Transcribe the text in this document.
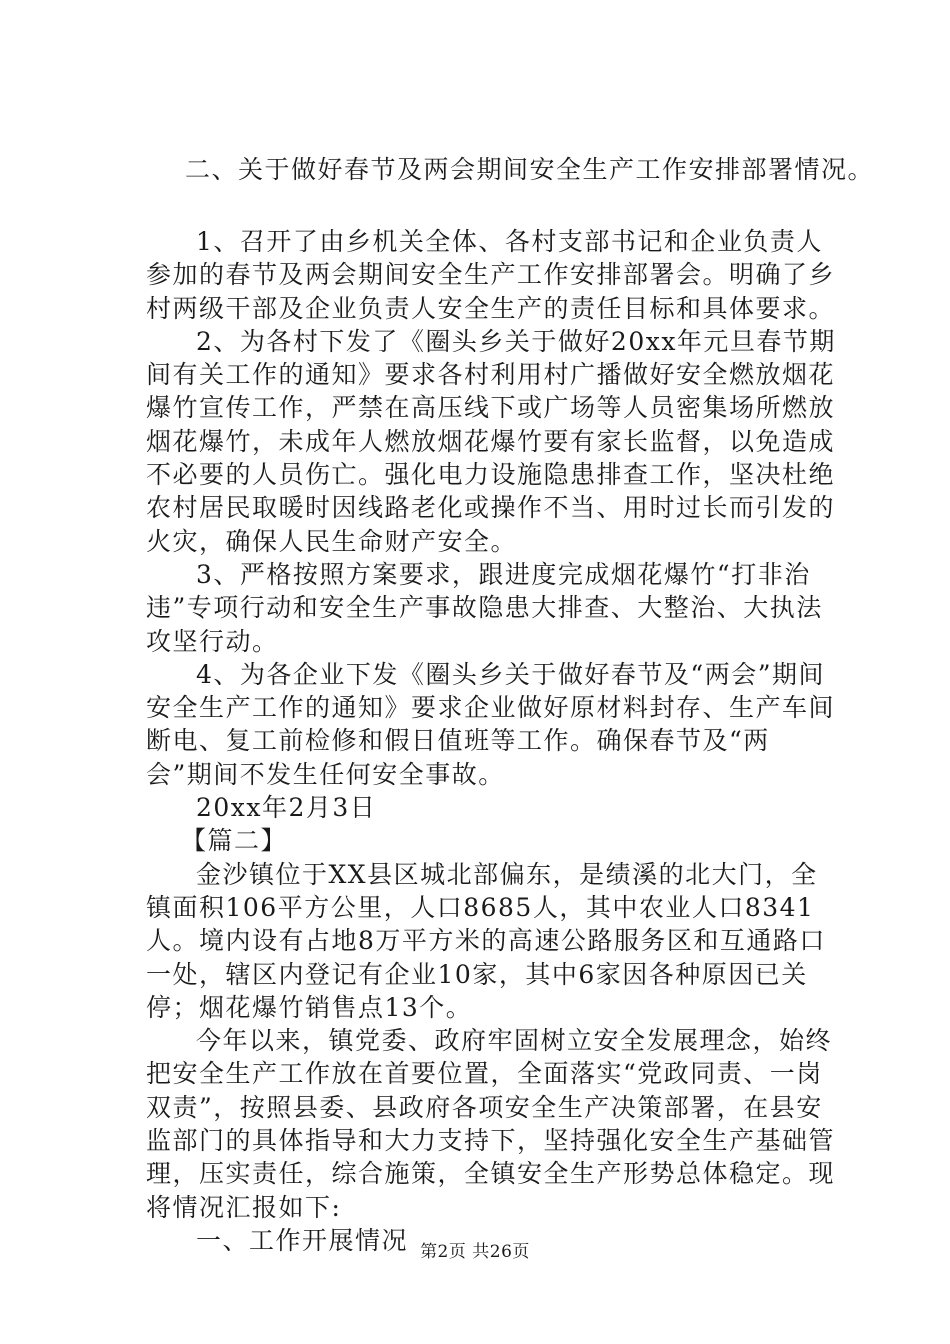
二、关于做好春节及两会期间安全生产工作安排部署情况。

1、召开了由乡机关全体、各村支部书记和企业负责人参加的春节及两会期间安全生产工作安排部署会。明确了乡村两级干部及企业负责人安全生产的责任目标和具体要求。

2、为各村下发了《圈头乡关于做好20xx年元旦春节期间有关工作的通知》要求各村利用村广播做好安全燃放烟花爆竹宣传工作，严禁在高压线下或广场等人员密集场所燃放烟花爆竹，未成年人燃放烟花爆竹要有家长监督，以免造成不必要的人员伤亡。强化电力设施隐患排查工作，坚决杜绝农村居民取暖时因线路老化或操作不当、用时过长而引发的火灾，确保人民生命财产安全。

3、严格按照方案要求，跟进度完成烟花爆竹“打非治违”专项行动和安全生产事故隐患大排查、大整治、大执法攻坚行动。

4、为各企业下发《圈头乡关于做好春节及“两会”期间安全生产工作的通知》要求企业做好原材料封存、生产车间断电、复工前检修和假日值班等工作。确保春节及“两会”期间不发生任何安全事故。

20xx年2月3日

【篇二】

金沙镇位于XX县区城北部偏东，是绩溪的北大门，全镇面积106平方公里，人口8685人，其中农业人口8341人。境内设有占地8万平方米的高速公路服务区和互通路口一处，辖区内登记有企业10家，其中6家因各种原因已关停；烟花爆竹销售点13个。

今年以来，镇党委、政府牢固树立安全发展理念，始终把安全生产工作放在首要位置，全面落实“党政同责、一岗双责”，按照县委、县政府各项安全生产决策部署，在县安监部门的具体指导和大力支持下，坚持强化安全生产基础管理，压实责任，综合施策，全镇安全生产形势总体稳定。现将情况汇报如下:

一、工作开展情况 第2页 共26页
